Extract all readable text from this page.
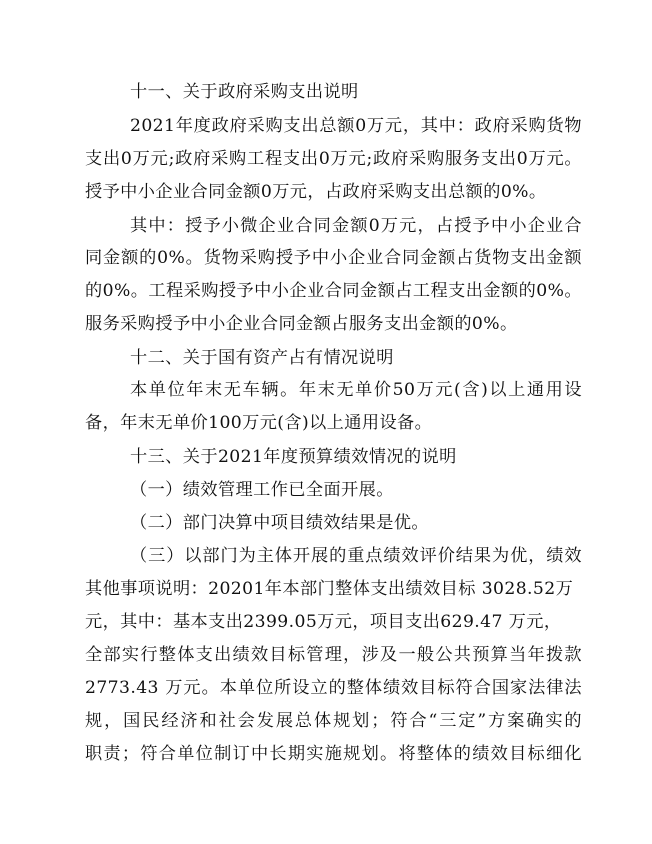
十一、关于政府采购支出说明
2021年度政府采购支出总额0万元，其中：政府采购货物
支出0万元;政府采购工程支出0万元;政府采购服务支出0万元。
授予中小企业合同金额0万元，占政府采购支出总额的0%。
其中：授予小微企业合同金额0万元，占授予中小企业合
同金额的0%。货物采购授予中小企业合同金额占货物支出金额
的0%。工程采购授予中小企业合同金额占工程支出金额的0%。
服务采购授予中小企业合同金额占服务支出金额的0%。
十二、关于国有资产占有情况说明
本单位年末无车辆。年末无单价50万元(含)以上通用设
备，年末无单价100万元(含)以上通用设备。
十三、关于2021年度预算绩效情况的说明
（一）绩效管理工作已全面开展。
（二）部门决算中项目绩效结果是优。
（三）以部门为主体开展的重点绩效评价结果为优，绩效
其他事项说明：20201年本部门整体支出绩效目标 3028.52万
元，其中：基本支出2399.05万元，项目支出629.47 万元，
全部实行整体支出绩效目标管理，涉及一般公共预算当年拨款
2773.43 万元。本单位所设立的整体绩效目标符合国家法律法
规，国民经济和社会发展总体规划；符合“三定”方案确实的
职责；符合单位制订中长期实施规划。将整体的绩效目标细化
